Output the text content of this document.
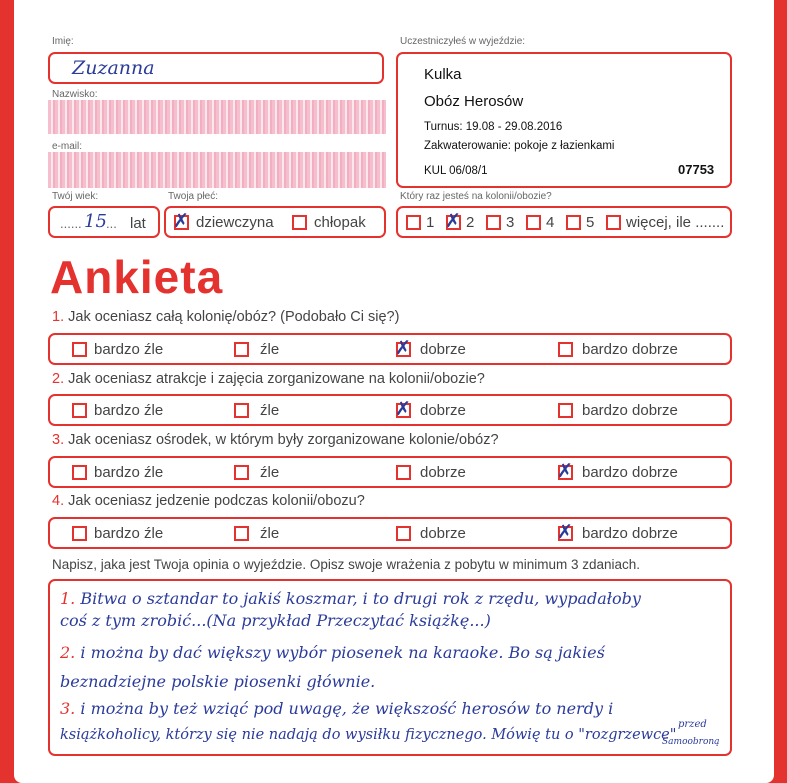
Imię:
Zuzanna
Nazwisko:
e-mail:
Twój wiek:
...... 15 ... lat
Twoja płeć:
✗ dziewczyna	chłopak
Uczestniczyłeś w wyjeździe:
Kulka
Obóz Herosów
Turnus: 19.08 - 29.08.2016
Zakwaterowanie: pokoje z łazienkami
KUL 06/08/1	07753
Który raz jesteś na kolonii/obozie?
1 ✗ 2 3 4 5 więcej, ile .......
Ankieta
1. Jak oceniasz całą kolonię/obóz? (Podobało Ci się?)
bardzo źle	źle	✗ dobrze	bardzo dobrze
2. Jak oceniasz atrakcje i zajęcia zorganizowane na kolonii/obozie?
bardzo źle	źle	✗ dobrze	bardzo dobrze
3. Jak oceniasz ośrodek, w którym były zorganizowane kolonie/obóz?
bardzo źle	źle	dobrze	✗ bardzo dobrze
4. Jak oceniasz jedzenie podczas kolonii/obozu?
bardzo źle	źle	dobrze	✗ bardzo dobrze
Napisz, jaka jest Twoja opinia o wyjeździe. Opisz swoje wrażenia z pobytu w minimum 3 zdaniach.
1. Bitwa o sztandar to jakiś koszmar, i to drugi rok z rzędu, wypadałoby
coś z tym zrobić...(Na przykład Przeczytać książkę...)
2. i można by dać większy wybór piosenek na karaoke. Bo są jakieś
beznadziejne polskie piosenki głównie.
3. i można by też wziąć pod uwagę, że większość herosów to nerdy i
książkoholicy, którzy się nie nadają do wysiłku fizycznego. Mówię tu o "rozgrzewce"
przed
Samoobroną
